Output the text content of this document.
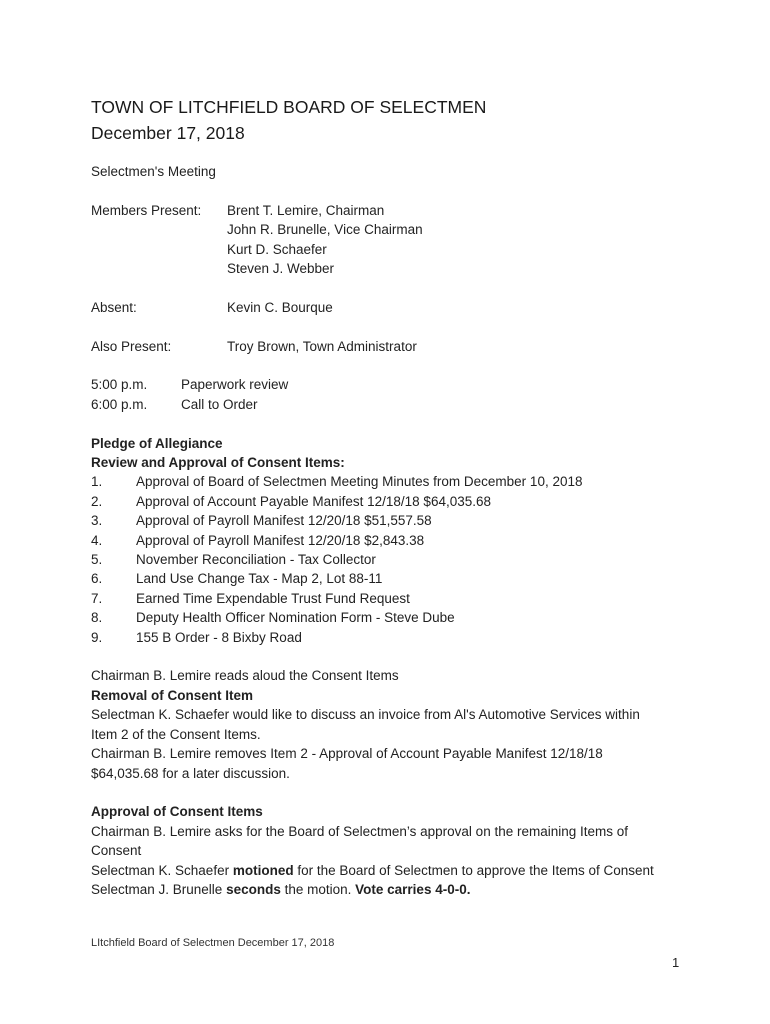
TOWN OF LITCHFIELD BOARD OF SELECTMEN
December 17, 2018

Selectmen's Meeting

Members Present:	Brent T. Lemire, Chairman
John R. Brunelle, Vice Chairman
Kurt D. Schaefer
Steven J. Webber
Absent:	Kevin C. Bourque
Also Present:	Troy Brown, Town Administrator
5:00 p.m.	Paperwork review
6:00 p.m.	Call to Order

Pledge of Allegiance

Review and Approval of Consent Items:

1.	Approval of Board of Selectmen Meeting Minutes from December 10, 2018
2.	Approval of Account Payable Manifest 12/18/18 $64,035.68
3.	Approval of Payroll Manifest 12/20/18 $51,557.58
4.	Approval of Payroll Manifest 12/20/18 $2,843.38
5.	November Reconciliation - Tax Collector
6.	Land Use Change Tax - Map 2, Lot 88-11
7.	Earned Time Expendable Trust Fund Request
8.	Deputy Health Officer Nomination Form - Steve Dube
9.	155 B Order - 8 Bixby Road

Chairman B. Lemire reads aloud the Consent Items

Removal of Consent Item

Selectman K. Schaefer would like to discuss an invoice from Al's Automotive Services within

Item 2 of the Consent Items.

Chairman B. Lemire removes Item 2 - Approval of Account Payable Manifest 12/18/18

$64,035.68 for a later discussion.

Approval of Consent Items

Chairman B. Lemire asks for the Board of Selectmen’s approval on the remaining Items of

Consent

Selectman K. Schaefer motioned for the Board of Selectmen to approve the Items of Consent

Selectman J. Brunelle seconds the motion. Vote carries 4-0-0.

LItchfield Board of Selectmen December 17, 2018
1
